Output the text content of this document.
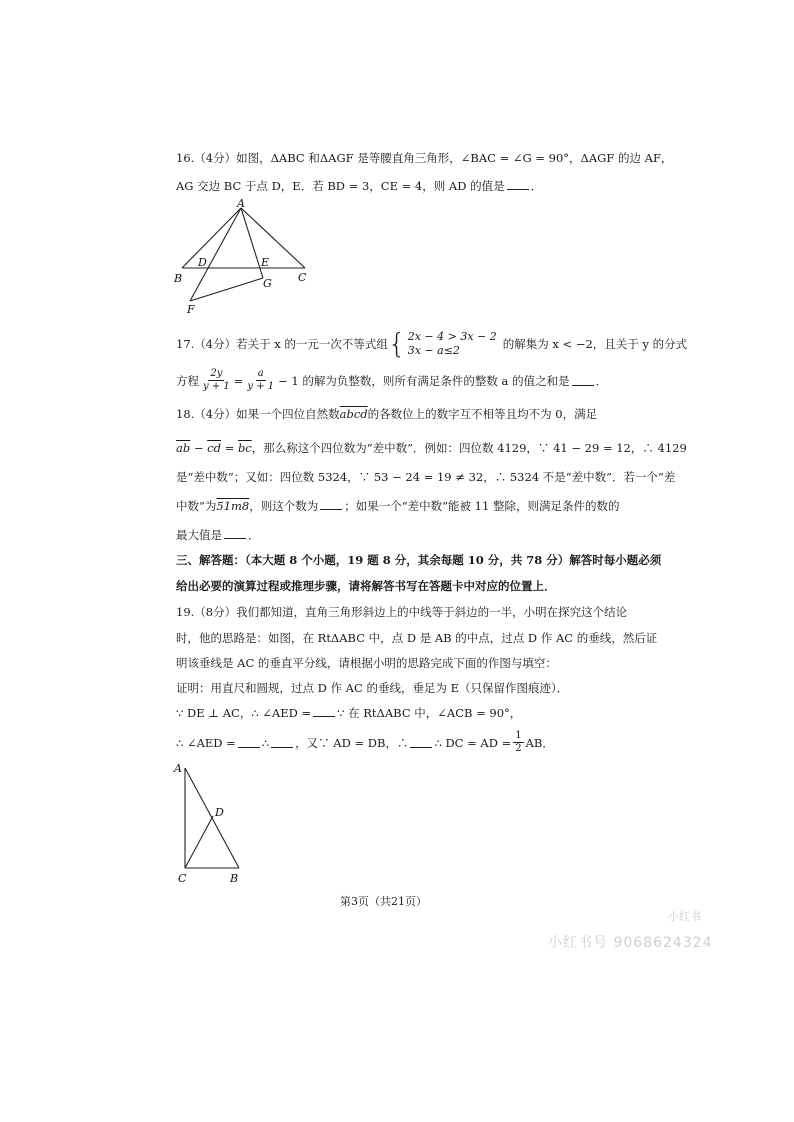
16.（4分）如图，ΔABC 和ΔAGF 是等腰直角三角形，∠BAC = ∠G = 90°，ΔAGF 的边 AF，
AG 交边 BC 于点 D，E．若 BD = 3，CE = 4，则 AD 的值是 ．
A
B	C
D	E
F
G
17.（4分）若关于 x 的一元一次不等式组 { 2x − 4 > 3x − 2
3x − a≤2	的解集为 x < −2，且关于 y 的分式
方程 $\frac{2y}{y + 1} = \frac{a}{y + 1} - 1$ 的解为负整数，则所有满足条件的整数 a 的值之和是 ．
18.（4分）如果一个四位自然数abcd的各数位上的数字互不相等且均不为 0，满足
$\overline{ab} - \overline{cd} = \overline{bc}$，那么称这个四位数为“差中数”．例如：四位数 4129，∵ 41 − 29 = 12，∴ 4129
是“差中数”；又如：四位数 5324，∵ 53 − 24 = 19 ≠ 32，∴ 5324 不是“差中数”．若一个“差
中数”为51m8，则这个数为 ；如果一个“差中数”能被 11 整除，则满足条件的数的
最大值是 ．
三、解答题：（本大题 8 个小题，19 题 8 分，其余每题 10 分，共 78 分）解答时每小题必须
给出必要的演算过程或推理步骤，请将解答书写在答题卡中对应的位置上．
19.（8分）我们都知道，直角三角形斜边上的中线等于斜边的一半，小明在探究这个结论
时，他的思路是：如图，在 RtΔABC 中，点 D 是 AB 的中点，过点 D 作 AC 的垂线，然后证
明该垂线是 AC 的垂直平分线，请根据小明的思路完成下面的作图与填空：
证明：用直尺和圆规，过点 D 作 AC 的垂线，垂足为 E（只保留作图痕迹）．
∵ DE ⊥ AC，∴ ∠AED = ∵ 在 RtΔABC 中，∠ACB = 90°，
∴ ∠AED = ∴ ，又∵ AD = DB，∴ ∴ DC = AD = $\frac{1}{2}$ AB．
A
D
C	B
第3页（共21页）
小红书
小红书号 9068624324
